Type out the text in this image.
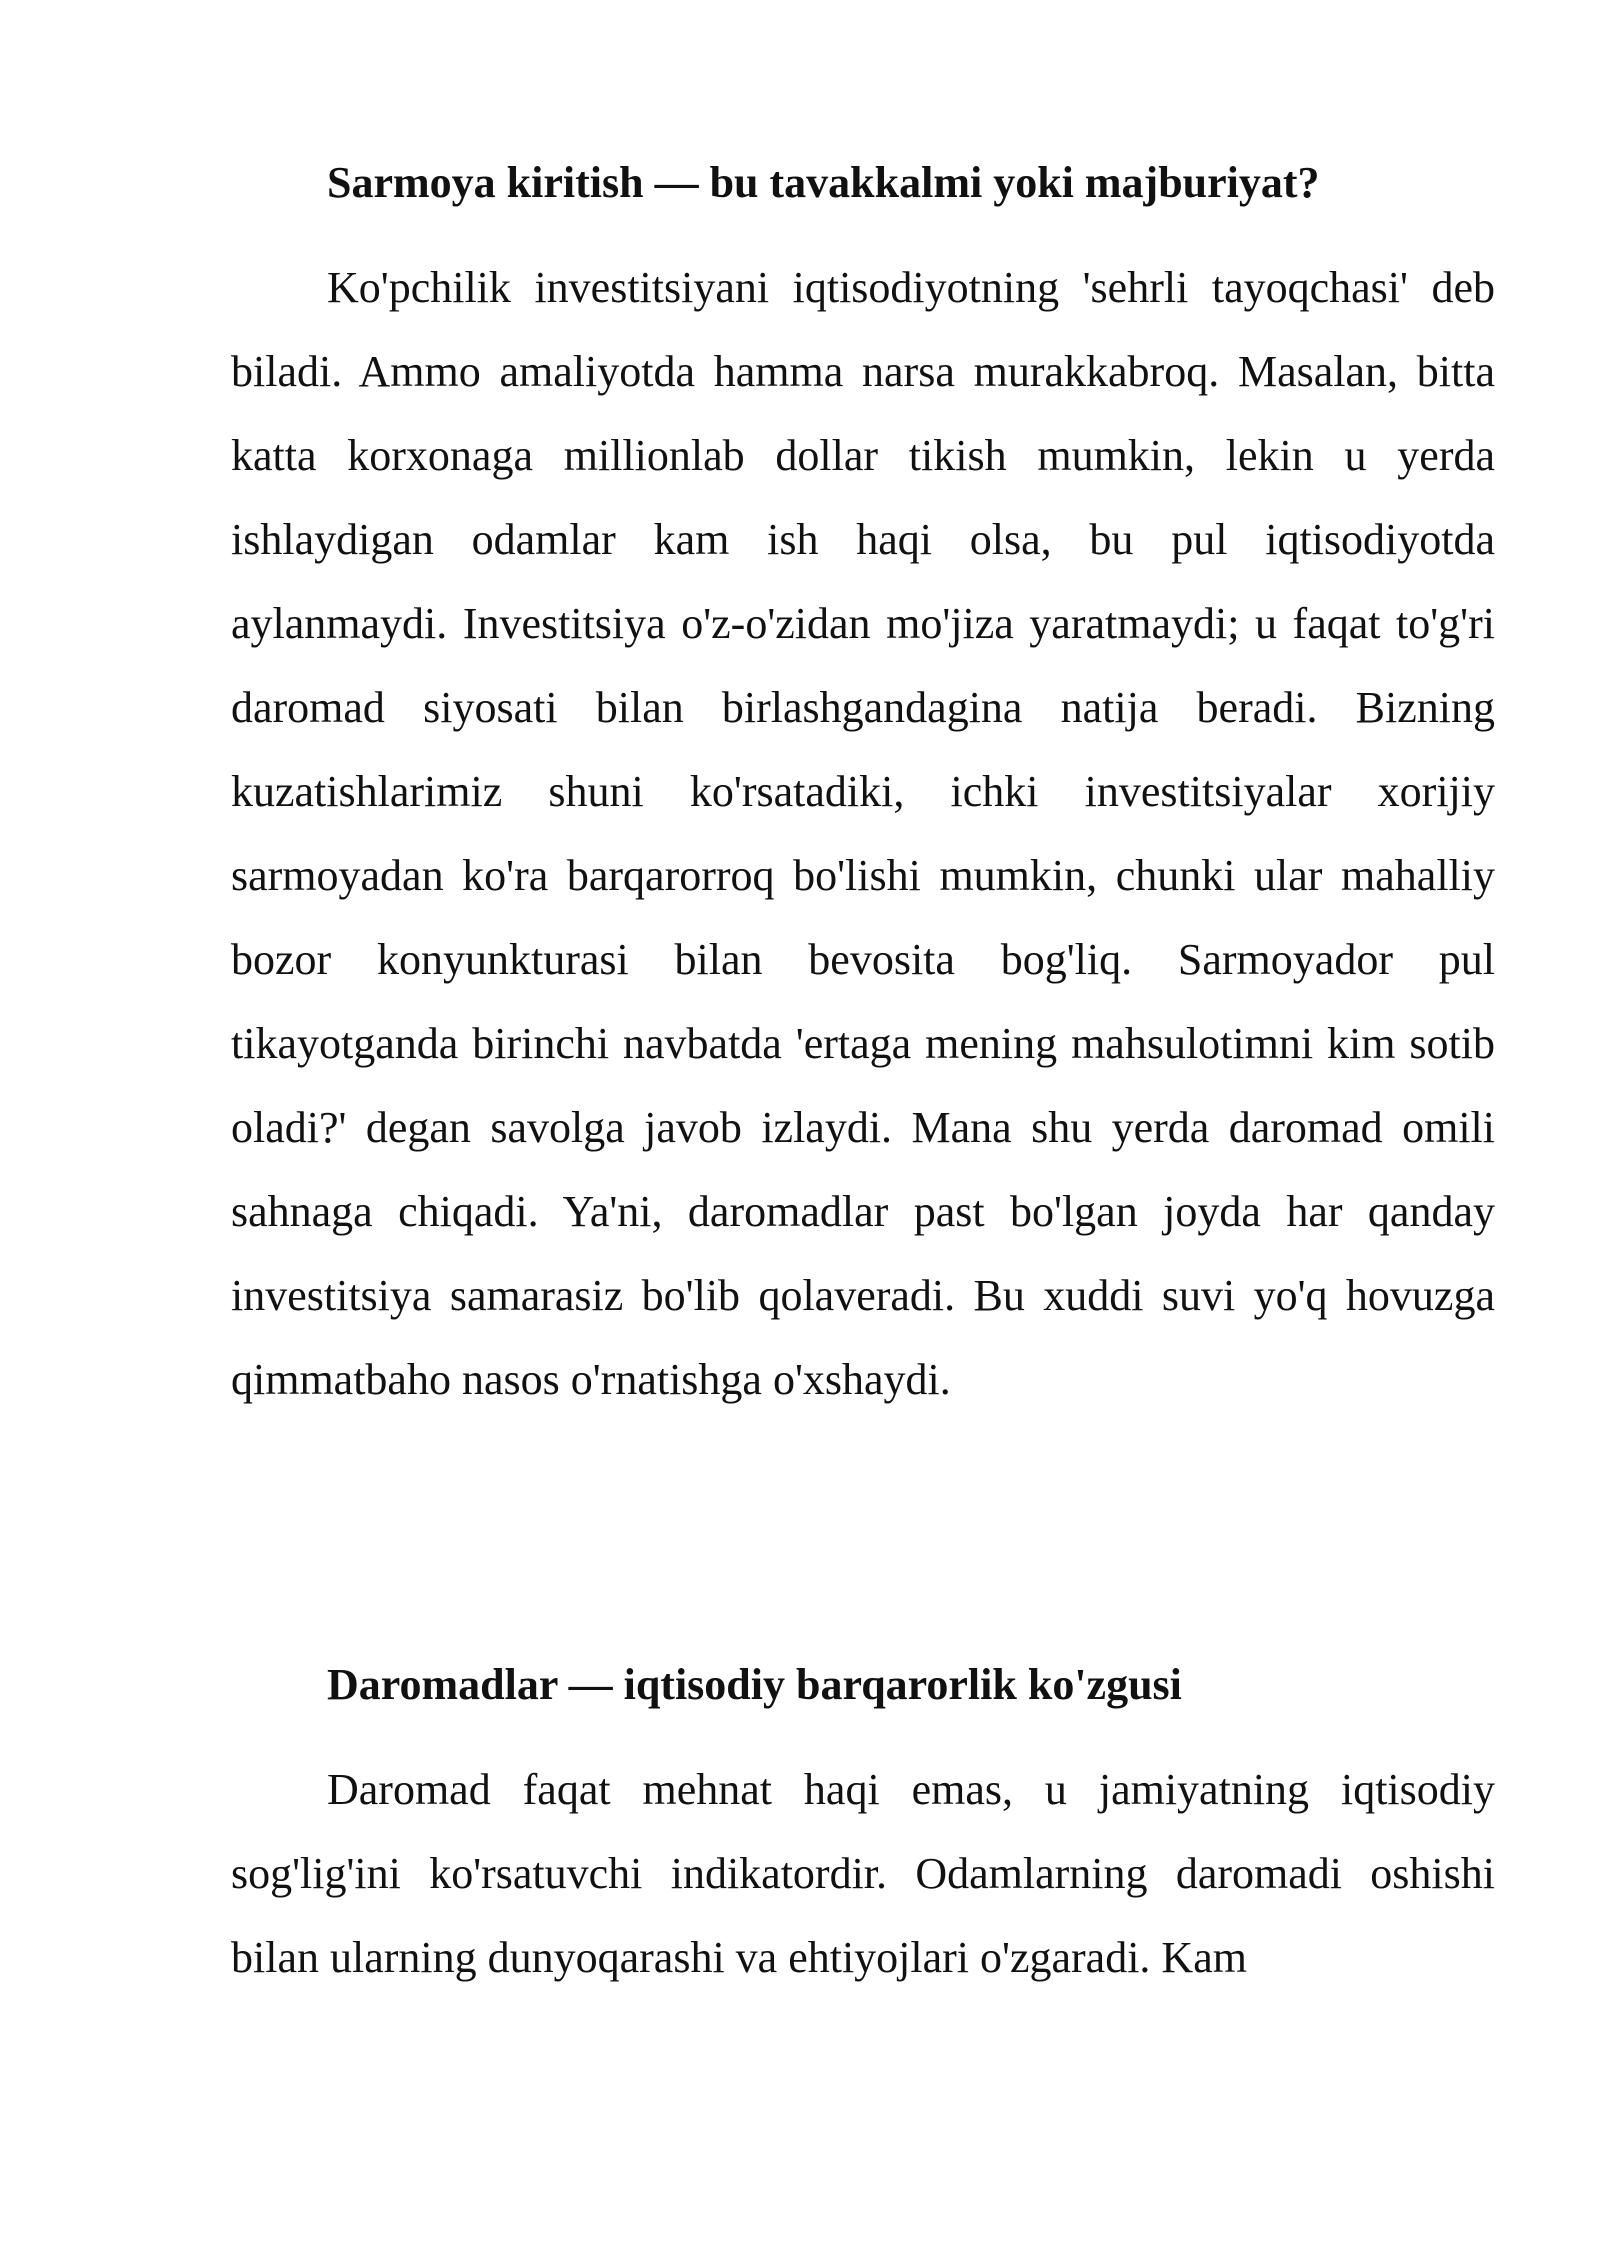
Sarmoya kiritish — bu tavakkalmi yoki majburiyat?

Ko'pchilik investitsiyani iqtisodiyotning 'sehrli tayoqchasi' deb biladi. Ammo amaliyotda hamma narsa murakkabroq. Masalan, bitta katta korxonaga millionlab dollar tikish mumkin, lekin u yerda ishlaydigan odamlar kam ish haqi olsa, bu pul iqtisodiyotda aylanmaydi. Investitsiya o'z-o'zidan mo'jiza yaratmaydi; u faqat to'g'ri daromad siyosati bilan birlashgandagina natija beradi. Bizning kuzatishlarimiz shuni ko'rsatadiki, ichki investitsiyalar xorijiy sarmoyadan ko'ra barqarorroq bo'lishi mumkin, chunki ular mahalliy bozor konyunkturasi bilan bevosita bog'liq. Sarmoyador pul tikayotganda birinchi navbatda 'ertaga mening mahsulotimni kim sotib oladi?' degan savolga javob izlaydi. Mana shu yerda daromad omili sahnaga chiqadi. Ya'ni, daromadlar past bo'lgan joyda har qanday investitsiya samarasiz bo'lib qolaveradi. Bu xuddi suvi yo'q hovuzga qimmatbaho nasos o'rnatishga o'xshaydi.

Daromadlar — iqtisodiy barqarorlik ko'zgusi

Daromad faqat mehnat haqi emas, u jamiyatning iqtisodiy sog'lig'ini ko'rsatuvchi indikatordir. Odamlarning daromadi oshishi bilan ularning dunyoqarashi va ehtiyojlari o'zgaradi. Kam
